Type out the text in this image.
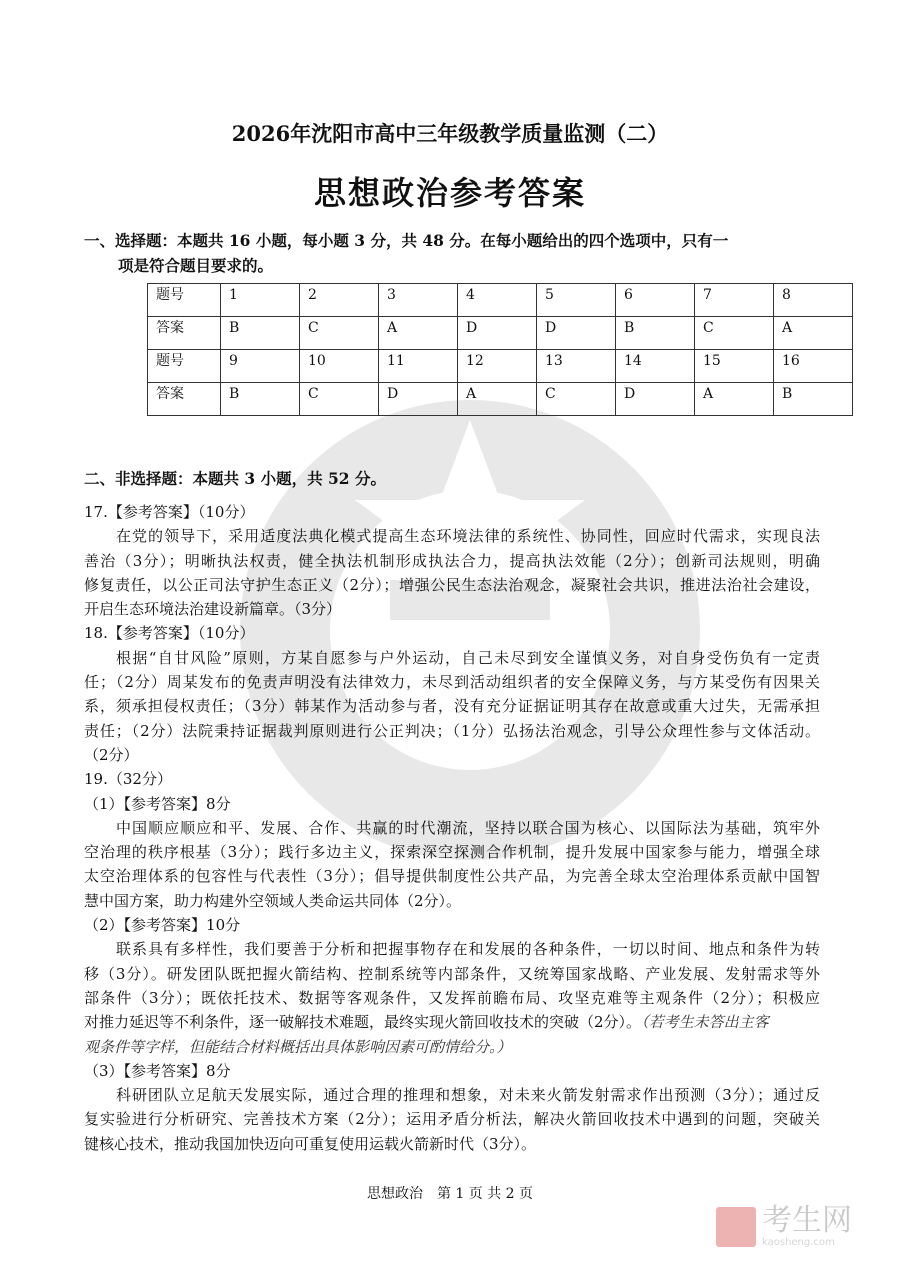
2026年沈阳市高中三年级教学质量监测（二）
思想政治参考答案
一、选择题：本题共 16 小题，每小题 3 分，共 48 分。在每小题给出的四个选项中，只有一
项是符合题目要求的。
题号	1	2	3	4	5	6	7	8
答案	B	C	A	D	D	B	C	A
题号	9	10	11	12	13	14	15	16
答案	B	C	D	A	C	D	A	B
二、非选择题：本题共 3 小题，共 52 分。
17.【参考答案】（10分）
在党的领导下，采用适度法典化模式提高生态环境法律的系统性、协同性，回应时代需求，实现良法
善治（3分）；明晰执法权责，健全执法机制形成执法合力，提高执法效能（2分）；创新司法规则，明确
修复责任，以公正司法守护生态正义（2分）；增强公民生态法治观念，凝聚社会共识，推进法治社会建设，
开启生态环境法治建设新篇章。（3分）
18.【参考答案】（10分）
根据“自甘风险”原则，方某自愿参与户外运动，自己未尽到安全谨慎义务，对自身受伤负有一定责
任；（2分）周某发布的免责声明没有法律效力，未尽到活动组织者的安全保障义务，与方某受伤有因果关
系，须承担侵权责任；（3分）韩某作为活动参与者，没有充分证据证明其存在故意或重大过失，无需承担
责任；（2分）法院秉持证据裁判原则进行公正判决；（1分）弘扬法治观念，引导公众理性参与文体活动。
（2分）
19.（32分）
（1）【参考答案】8分
中国顺应顺应和平、发展、合作、共赢的时代潮流，坚持以联合国为核心、以国际法为基础，筑牢外
空治理的秩序根基（3分）；践行多边主义，探索深空探测合作机制，提升发展中国家参与能力，增强全球
太空治理体系的包容性与代表性（3分）；倡导提供制度性公共产品，为完善全球太空治理体系贡献中国智
慧中国方案，助力构建外空领域人类命运共同体（2分）。
（2）【参考答案】10分
联系具有多样性，我们要善于分析和把握事物存在和发展的各种条件，一切以时间、地点和条件为转
移（3分）。研发团队既把握火箭结构、控制系统等内部条件，又统筹国家战略、产业发展、发射需求等外
部条件（3分）；既依托技术、数据等客观条件，又发挥前瞻布局、攻坚克难等主观条件（2分）；积极应
对推力延迟等不利条件，逐一破解技术难题，最终实现火箭回收技术的突破（2分）。（若考生未答出主客
观条件等字样，但能结合材料概括出具体影响因素可酌情给分。）
（3）【参考答案】8分
科研团队立足航天发展实际，通过合理的推理和想象，对未来火箭发射需求作出预测（3分）；通过反
复实验进行分析研究、完善技术方案（2分）；运用矛盾分析法，解决火箭回收技术中遇到的问题，突破关
键核心技术，推动我国加快迈向可重复使用运载火箭新时代（3分）。
思想政治　第 1 页 共 2 页
考生网
kaosheng.com
